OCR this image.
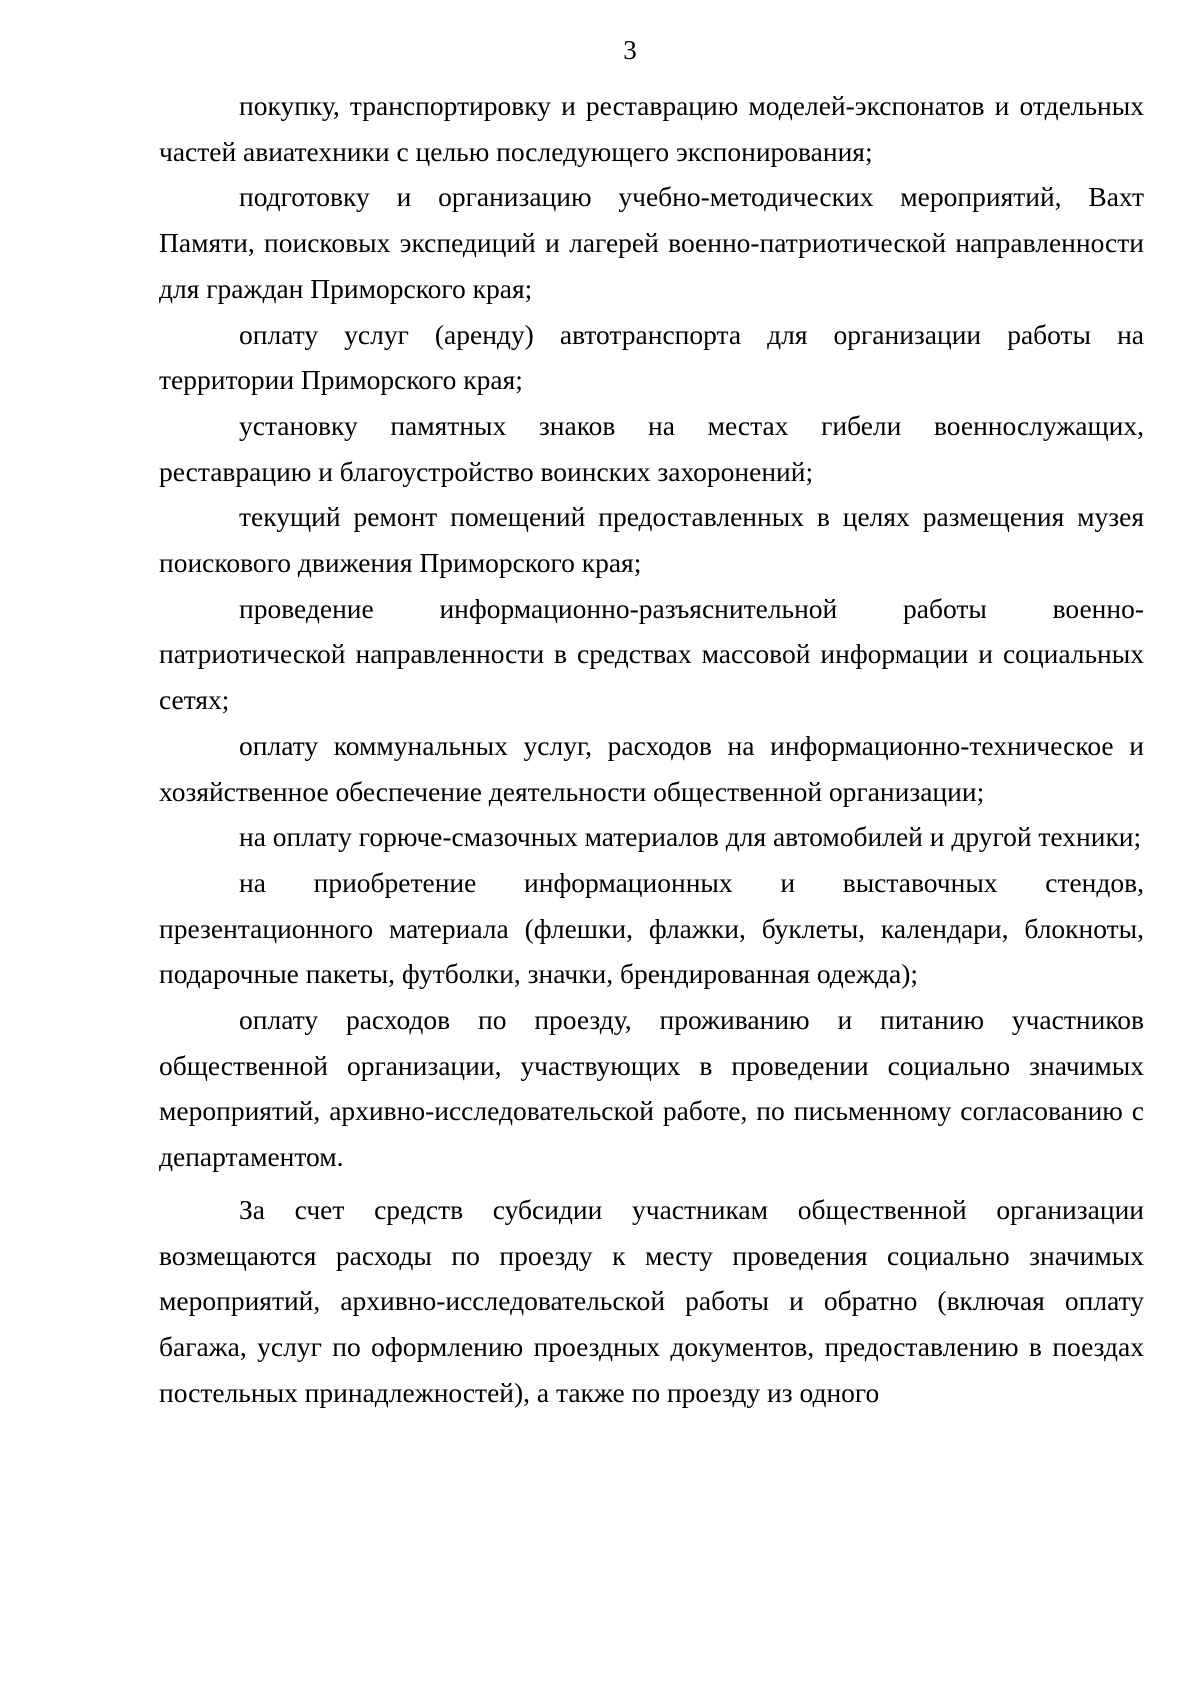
3

покупку, транспортировку и реставрацию моделей-экспонатов и отдельных частей авиатехники с целью последующего экспонирования;

подготовку и организацию учебно-методических мероприятий, Вахт Памяти, поисковых экспедиций и лагерей военно-патриотической направленности для граждан Приморского края;

оплату услуг (аренду) автотранспорта для организации работы на территории Приморского края;

установку памятных знаков на местах гибели военнослужащих, реставрацию и благоустройство воинских захоронений;

текущий ремонт помещений предоставленных в целях размещения музея поискового движения Приморского края;

проведение информационно-разъяснительной работы военно-патриотической направленности в средствах массовой информации и социальных сетях;

оплату коммунальных услуг, расходов на информационно-техническое и хозяйственное обеспечение деятельности общественной организации;

на оплату горюче-смазочных материалов для автомобилей и другой техники;

на приобретение информационных и выставочных стендов, презентационного материала (флешки, флажки, буклеты, календари, блокноты, подарочные пакеты, футболки, значки, брендированная одежда);

оплату расходов по проезду, проживанию и питанию участников общественной организации, участвующих в проведении социально значимых мероприятий, архивно-исследовательской работе, по письменному согласованию с департаментом.

За счет средств субсидии участникам общественной организации возмещаются расходы по проезду к месту проведения социально значимых мероприятий, архивно-исследовательской работы и обратно (включая оплату багажа, услуг по оформлению проездных документов, предоставлению в поездах постельных принадлежностей), а также по проезду из одного
